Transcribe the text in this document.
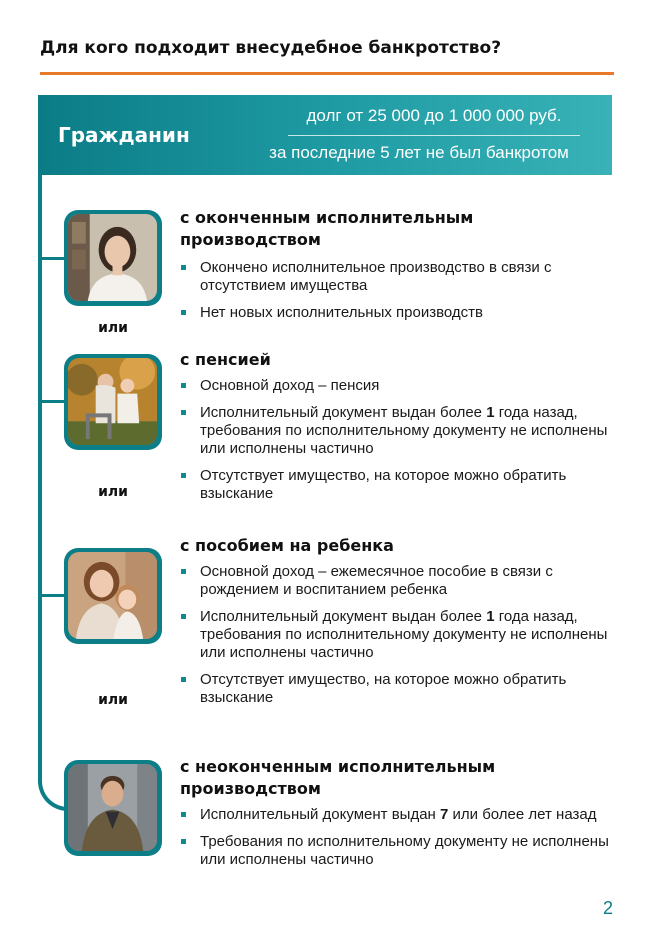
Для кого подходит внесудебное банкротство?
Гражданин
долг от 25 000 до 1 000 000 руб.
за последние 5 лет не был банкротом
или
с оконченным исполнительным производством
Окончено исполнительное производство в связи с отсутствием имущества
Нет новых исполнительных производств
или
с пенсией
Основной доход – пенсия
Исполнительный документ выдан более 1 года назад, требования по исполнительному документу не исполнены или исполнены частично
Отсутствует имущество, на которое можно обратить взыскание
или
с пособием на ребенка
Основной доход – ежемесячное пособие в связи с рождением и воспитанием ребенка
Исполнительный документ выдан более 1 года назад, требования по исполнительному документу не исполнены или исполнены частично
Отсутствует имущество, на которое можно обратить взыскание
с неоконченным исполнительным производством
Исполнительный документ выдан 7 или более лет назад
Требования по исполнительному документу не исполнены или исполнены частично
2
